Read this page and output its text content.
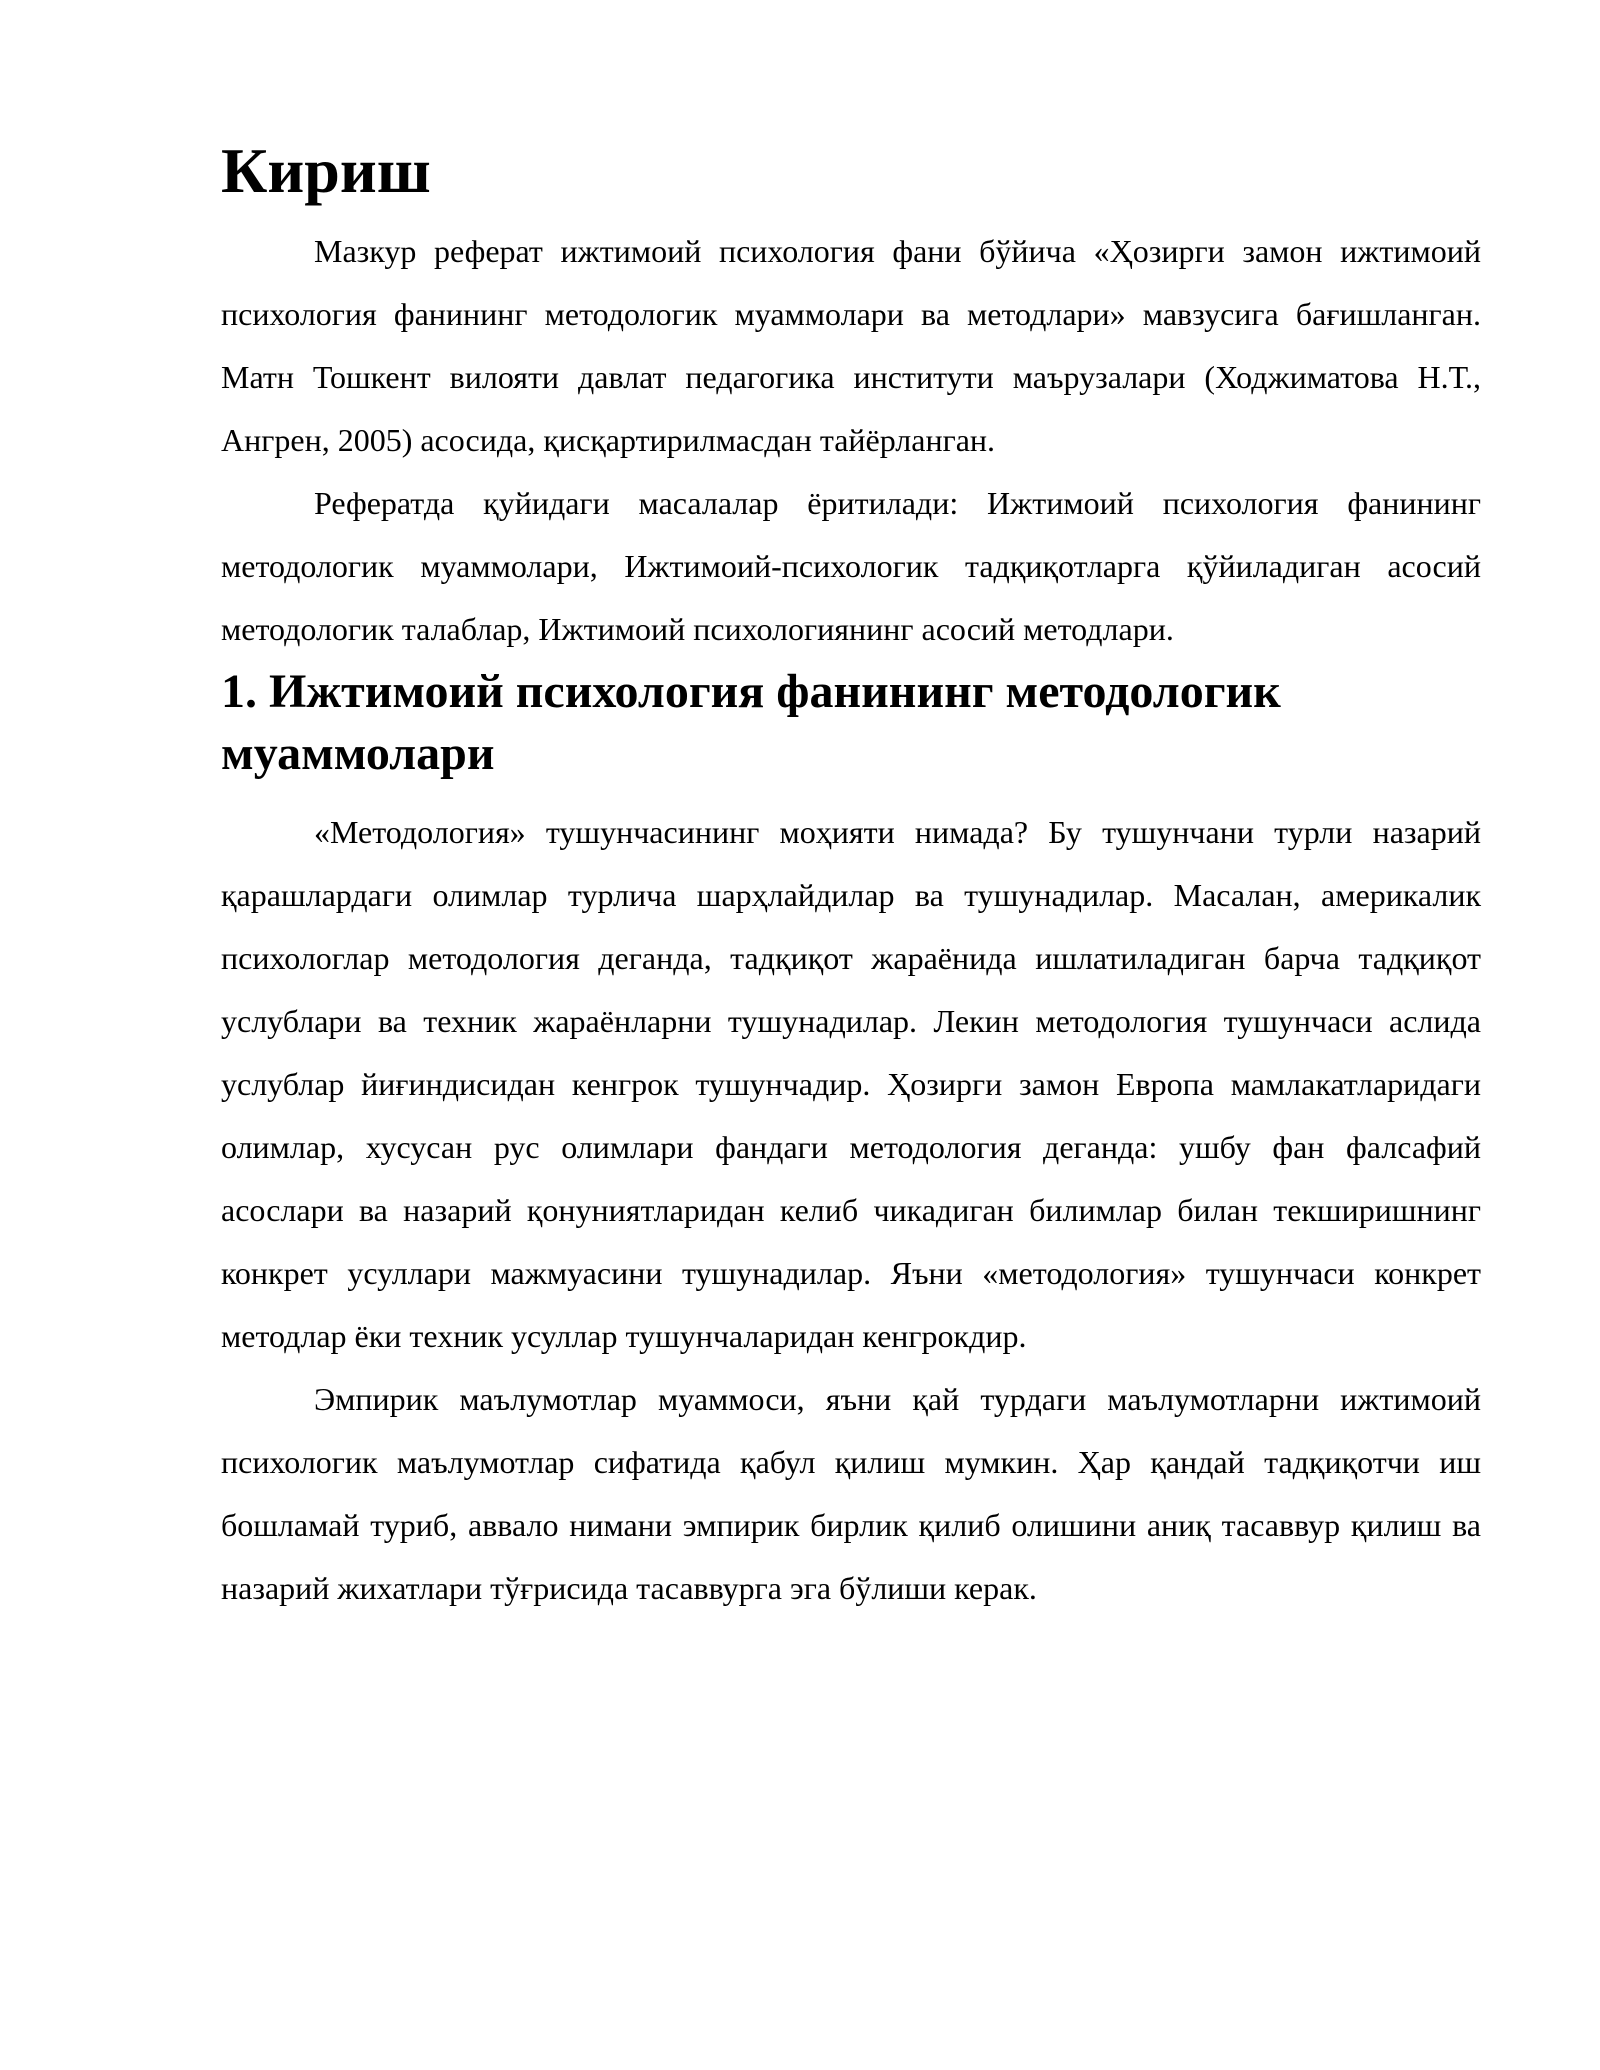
Кириш

Мазкур реферат ижтимоий психология фани бўйича «Ҳозирги замон ижтимоий психология фанининг методологик муаммолари ва методлари» мавзусига бағишланган. Матн Тошкент вилояти давлат педагогика институти маърузалари (Ходжиматова Н.Т., Ангрен, 2005) асосида, қисқартирилмасдан тайёрланган.

Рефератда қуйидаги масалалар ёритилади: Ижтимоий психология фанининг методологик муаммолари, Ижтимоий-психологик тадқиқотларга қўйиладиган асосий методологик талаблар, Ижтимоий психологиянинг асосий методлари.

1. Ижтимоий психология фанининг методологик муаммолари

«Методология» тушунчасининг моҳияти нимада? Бу тушунчани турли назарий қарашлардаги олимлар турлича шарҳлайдилар ва тушунадилар. Масалан, америкалик психологлар методология деганда, тадқиқот жараёнида ишлатиладиган барча тадқиқот услублари ва техник жараёнларни тушунадилар. Лекин методология тушунчаси аслида услублар йиғиндисидан кенгрок тушунчадир. Ҳозирги замон Европа мамлакатларидаги олимлар, хусусан рус олимлари фандаги методология деганда: ушбу фан фалсафий асослари ва назарий қонуниятларидан келиб чикадиган билимлар билан текширишнинг конкрет усуллари мажмуасини тушунадилар. Яъни «методология» тушунчаси конкрет методлар ёки техник усуллар тушунчаларидан кенгрокдир.

Эмпирик маълумотлар муаммоси, яъни қай турдаги маълумотларни ижтимоий психологик маълумотлар сифатида қабул қилиш мумкин. Ҳар қандай тадқиқотчи иш бошламай туриб, аввало нимани эмпирик бирлик қилиб олишини аниқ тасаввур қилиш ва назарий жихатлари тўғрисида тасаввурга эга бўлиши керак.
